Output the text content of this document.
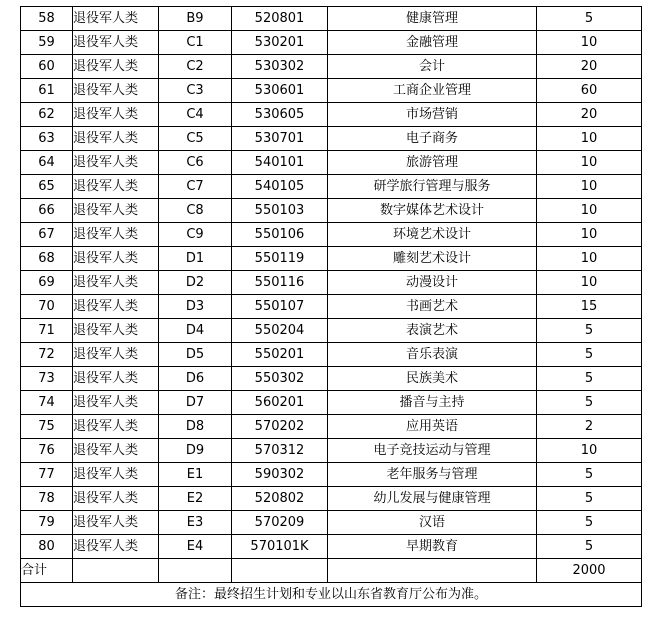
58	退役军人类	B9	520801	健康管理	5
59	退役军人类	C1	530201	金融管理	10
60	退役军人类	C2	530302	会计	20
61	退役军人类	C3	530601	工商企业管理	60
62	退役军人类	C4	530605	市场营销	20
63	退役军人类	C5	530701	电子商务	10
64	退役军人类	C6	540101	旅游管理	10
65	退役军人类	C7	540105	研学旅行管理与服务	10
66	退役军人类	C8	550103	数字媒体艺术设计	10
67	退役军人类	C9	550106	环境艺术设计	10
68	退役军人类	D1	550119	雕刻艺术设计	10
69	退役军人类	D2	550116	动漫设计	10
70	退役军人类	D3	550107	书画艺术	15
71	退役军人类	D4	550204	表演艺术	5
72	退役军人类	D5	550201	音乐表演	5
73	退役军人类	D6	550302	民族美术	5
74	退役军人类	D7	560201	播音与主持	5
75	退役军人类	D8	570202	应用英语	2
76	退役军人类	D9	570312	电子竞技运动与管理	10
77	退役军人类	E1	590302	老年服务与管理	5
78	退役军人类	E2	520802	幼儿发展与健康管理	5
79	退役军人类	E3	570209	汉语	5
80	退役军人类	E4	570101K	早期教育	5
合计					2000
备注：最终招生计划和专业以山东省教育厅公布为准。					
